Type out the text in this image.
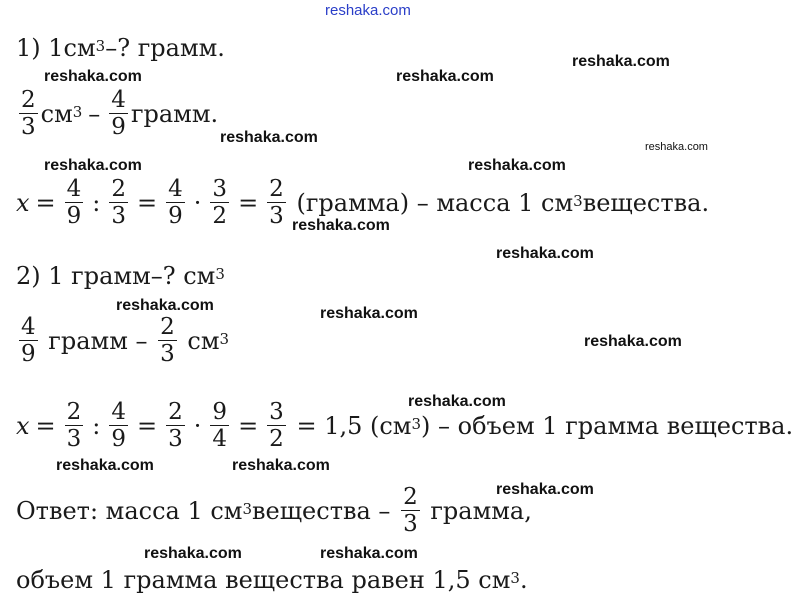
reshaka.com
reshaka.com	reshaka.com
reshaka.com
reshaka.com
reshaka.com
reshaka.com	reshaka.com
reshaka.com
reshaka.com
reshaka.com	reshaka.com
reshaka.com
reshaka.com
reshaka.com	reshaka.com
reshaka.com
reshaka.com	reshaka.com
1)
$1см^3$ –? грамм.
$\frac{2}{3} см^3 - \frac{4}{9}$ грамм.
$x = \frac{4}{9}$ : $\frac{2}{3} = \frac{4}{9} \cdot \frac{3}{2} = \frac{2}{3}$
(грамма) – масса 1 $см^3$ вещества.
2) 1 грамм–? $см^3$
$\frac{4}{9}$
грамм –
$\frac{2}{3}$
$см^3$
$x = \frac{2}{3}$ : $\frac{4}{9} = \frac{2}{3} \cdot \frac{9}{4} = \frac{3}{2}$
= 1,5 ($см^3$ ) – объем 1 грамма вещества.
Ответ: масса 1 $см^3$ вещества –
$\frac{2}{3}$
грамма,
объем 1 грамма вещества равен 1,5 $см^3$ .
